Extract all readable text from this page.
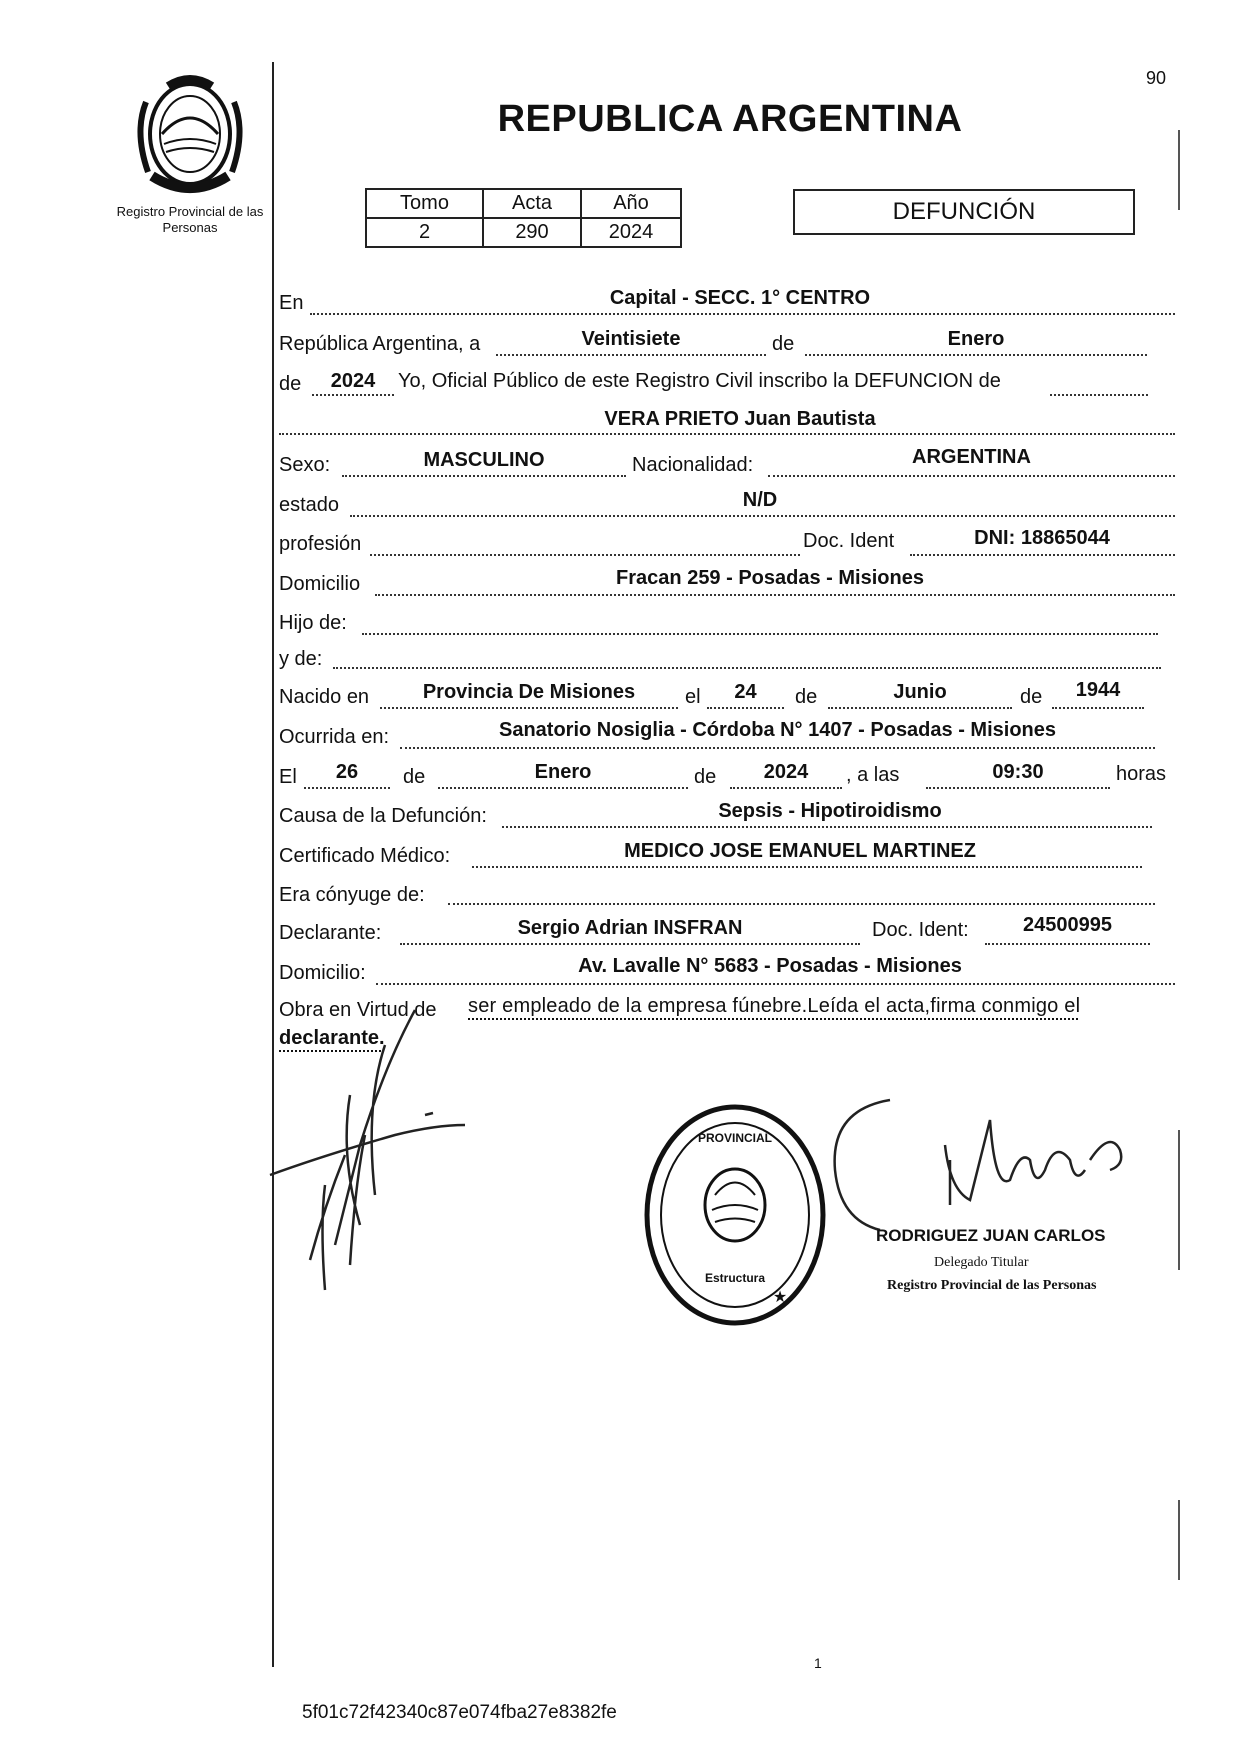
Registro Provincial de las Personas
90
REPUBLICA ARGENTINA
Tomo	Acta	Año
2	290	2024
DEFUNCIÓN
En	Capital - SECC. 1° CENTRO
República Argentina, a	Veintisiete	de	Enero
de	2024	Yo, Oficial Público de este Registro Civil inscribo la DEFUNCION de
VERA PRIETO Juan Bautista
Sexo:	MASCULINO	Nacionalidad:	ARGENTINA
estado	N/D
profesión	Doc. Ident	DNI: 18865044
Domicilio	Fracan 259 - Posadas - Misiones
Hijo de:
y de:
Nacido en	Provincia De Misiones	el	24	de	Junio	de	1944
Ocurrida en:	Sanatorio Nosiglia - Córdoba N° 1407 - Posadas - Misiones
El	26	de	Enero	de	2024	, a las	09:30	horas
Causa de la Defunción:	Sepsis - Hipotiroidismo
Certificado Médico:	MEDICO JOSE EMANUEL MARTINEZ
Era cónyuge de:
Declarante:	Sergio Adrian INSFRAN	Doc. Ident:	24500995
Domicilio:	Av. Lavalle N° 5683 - Posadas - Misiones
Obra en Virtud de ser empleado de la empresa fúnebre.Leída el acta,firma conmigo el
declarante.
PROVINCIAL
Estructura
★
RODRIGUEZ JUAN CARLOS
Delegado Titular
Registro Provincial de las Personas
1
5f01c72f42340c87e074fba27e8382fe
